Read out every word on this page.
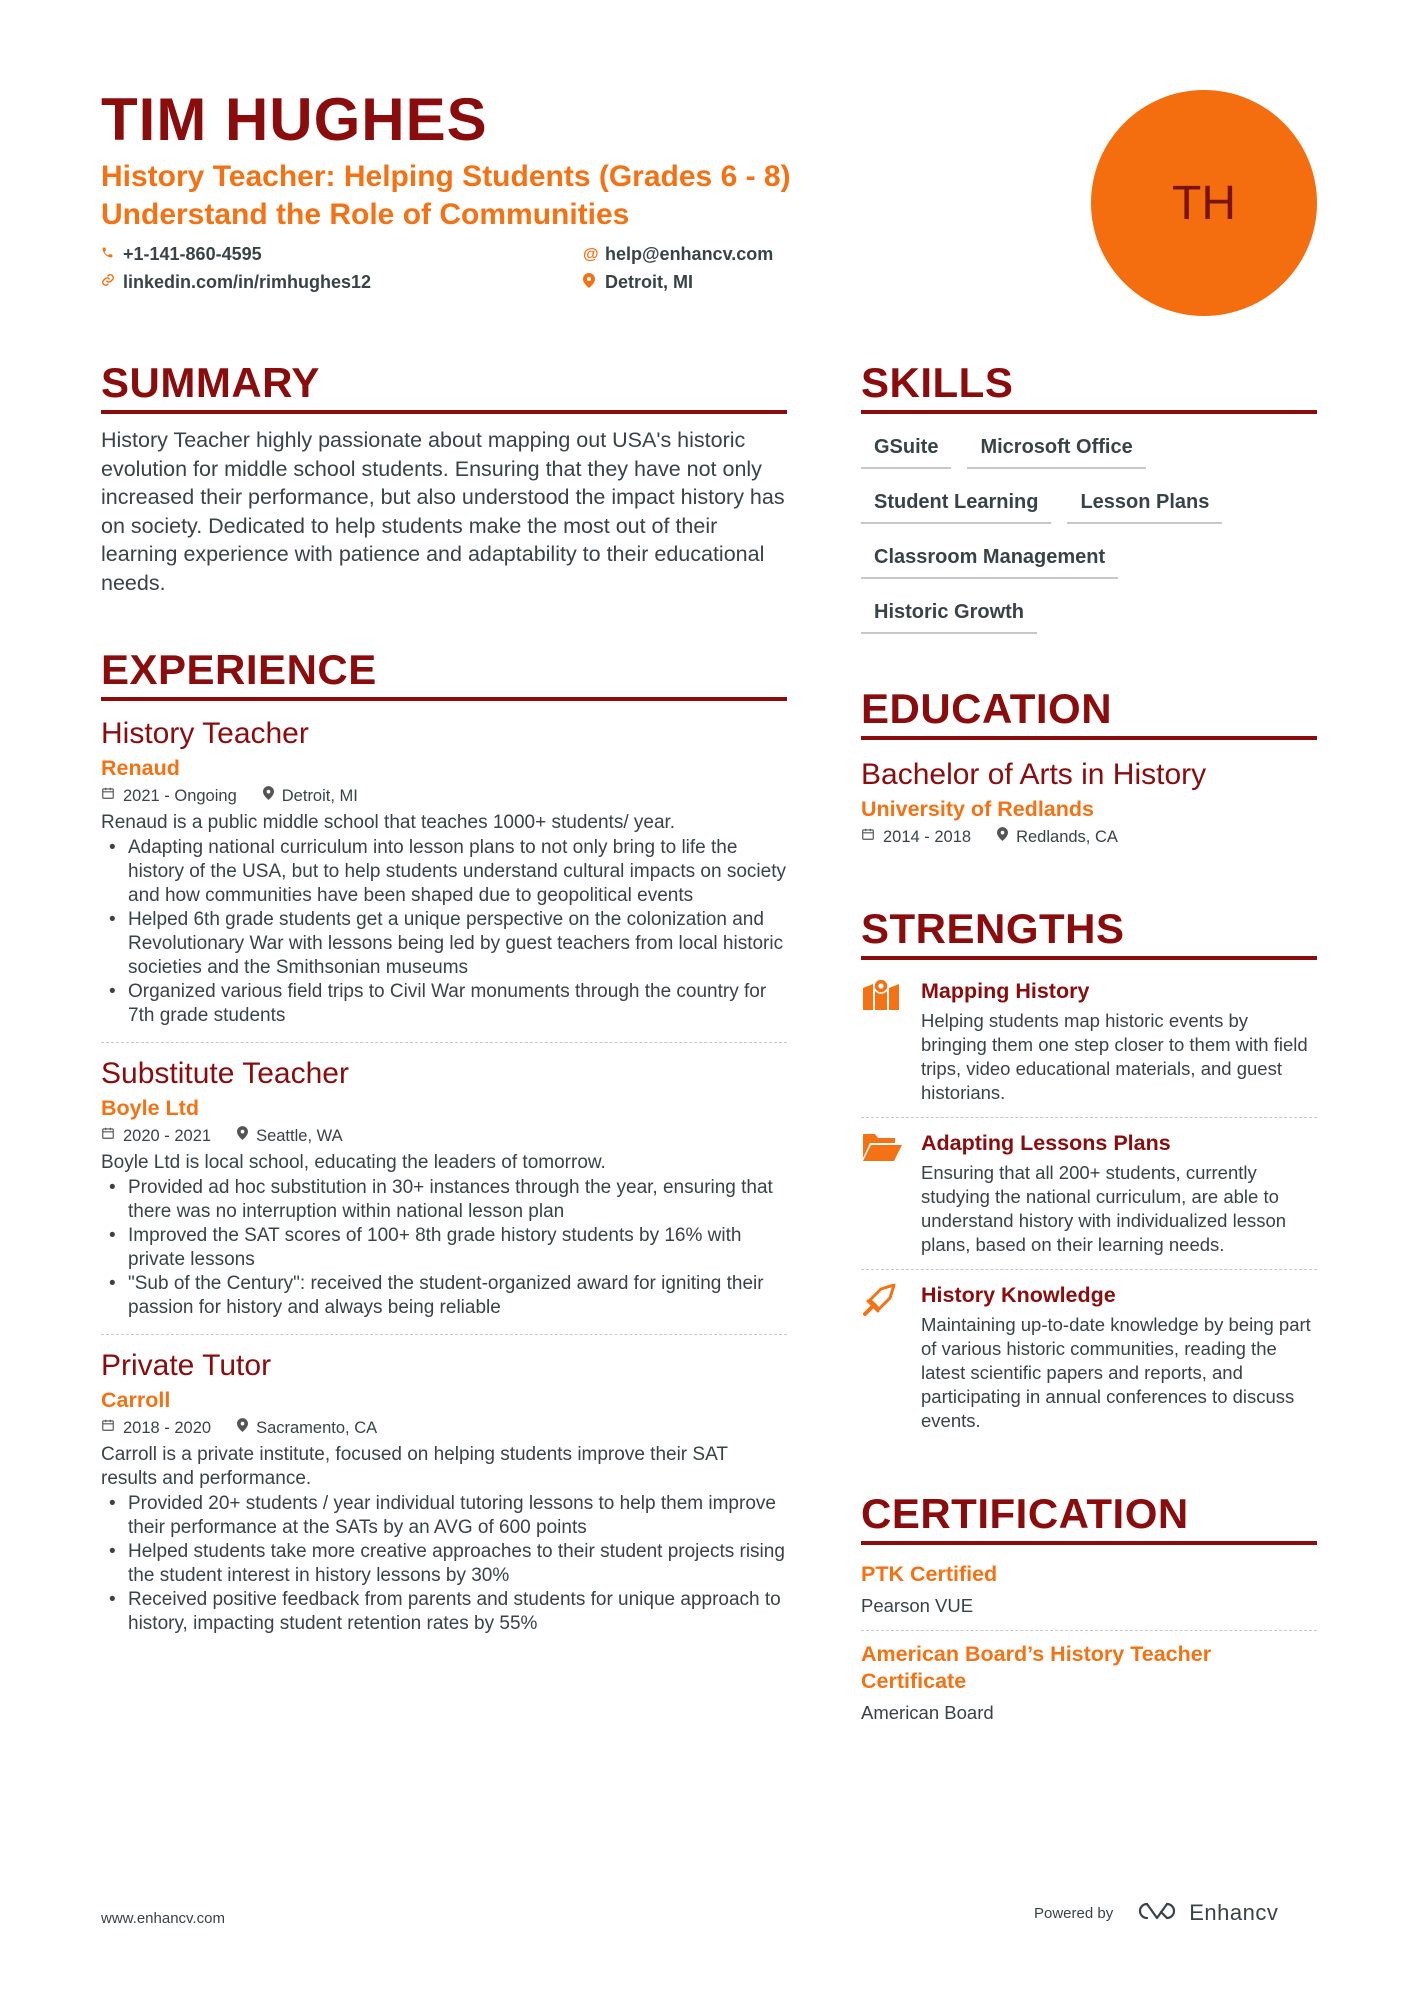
TIM HUGHES
History Teacher: Helping Students (Grades 6 - 8)
Understand the Role of Communities
+1-141-860-4595	@ help@enhancv.com
linkedin.com/in/rimhughes12	Detroit, MI
TH
SUMMARY
History Teacher highly passionate about mapping out USA's historic evolution for middle school students. Ensuring that they have not only increased their performance, but also understood the impact history has on society. Dedicated to help students make the most out of their learning experience with patience and adaptability to their educational needs.
EXPERIENCE
History Teacher
Renaud
2021 - Ongoing	Detroit, MI
Renaud is a public middle school that teaches 1000+ students/ year.
• Adapting national curriculum into lesson plans to not only bring to life the history of the USA, but to help students understand cultural impacts on society and how communities have been shaped due to geopolitical events
• Helped 6th grade students get a unique perspective on the colonization and Revolutionary War with lessons being led by guest teachers from local historic societies and the Smithsonian museums
• Organized various field trips to Civil War monuments through the country for 7th grade students
Substitute Teacher
Boyle Ltd
2020 - 2021	Seattle, WA
Boyle Ltd is local school, educating the leaders of tomorrow.
• Provided ad hoc substitution in 30+ instances through the year, ensuring that there was no interruption within national lesson plan
• Improved the SAT scores of 100+ 8th grade history students by 16% with private lessons
• "Sub of the Century": received the student-organized award for igniting their passion for history and always being reliable
Private Tutor
Carroll
2018 - 2020	Sacramento, CA
Carroll is a private institute, focused on helping students improve their SAT results and performance.
• Provided 20+ students / year individual tutoring lessons to help them improve their performance at the SATs by an AVG of 600 points
• Helped students take more creative approaches to their student projects rising the student interest in history lessons by 30%
• Received positive feedback from parents and students for unique approach to history, impacting student retention rates by 55%
SKILLS
GSuite	Microsoft Office
Student Learning	Lesson Plans
Classroom Management
Historic Growth
EDUCATION
Bachelor of Arts in History
University of Redlands
2014 - 2018	Redlands, CA
STRENGTHS
Mapping History
Helping students map historic events by bringing them one step closer to them with field trips, video educational materials, and guest historians.
Adapting Lessons Plans
Ensuring that all 200+ students, currently studying the national curriculum, are able to understand history with individualized lesson plans, based on their learning needs.
History Knowledge
Maintaining up-to-date knowledge by being part of various historic communities, reading the latest scientific papers and reports, and participating in annual conferences to discuss events.
CERTIFICATION
PTK Certified
Pearson VUE
American Board’s History Teacher Certificate
American Board
www.enhancv.com	Powered by	Enhancv
